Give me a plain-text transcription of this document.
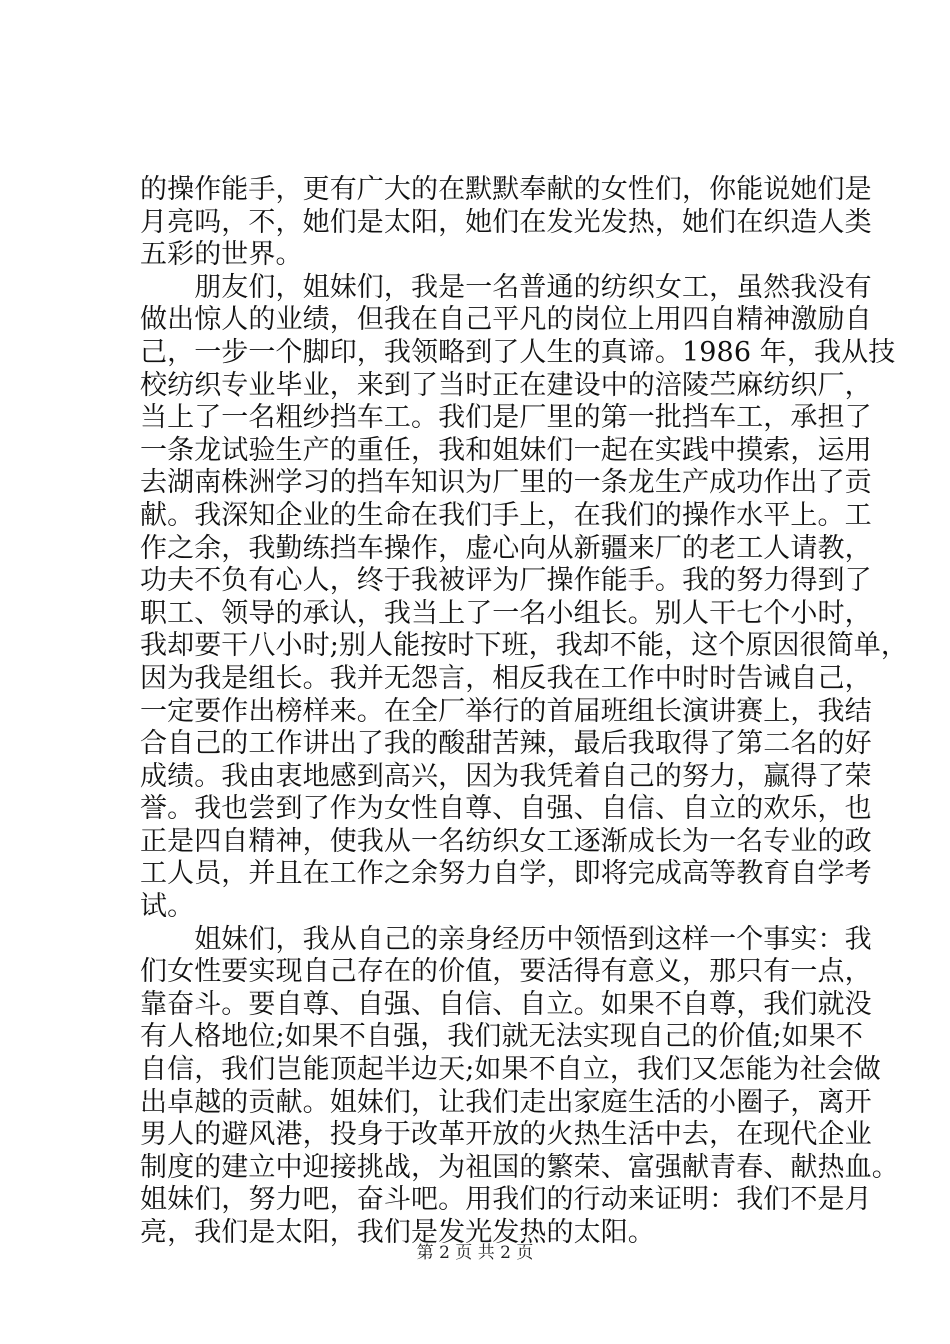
的操作能手，更有广大的在默默奉献的女性们，你能说她们是
月亮吗，不，她们是太阳，她们在发光发热，她们在织造人类
五彩的世界。
　　朋友们，姐妹们，我是一名普通的纺织女工，虽然我没有
做出惊人的业绩，但我在自己平凡的岗位上用四自精神激励自
己，一步一个脚印，我领略到了人生的真谛。1986 年，我从技
校纺织专业毕业，来到了当时正在建设中的涪陵苎麻纺织厂，
当上了一名粗纱挡车工。我们是厂里的第一批挡车工，承担了
一条龙试验生产的重任，我和姐妹们一起在实践中摸索，运用
去湖南株洲学习的挡车知识为厂里的一条龙生产成功作出了贡
献。我深知企业的生命在我们手上，在我们的操作水平上。工
作之余，我勤练挡车操作，虚心向从新疆来厂的老工人请教，
功夫不负有心人，终于我被评为厂操作能手。我的努力得到了
职工、领导的承认，我当上了一名小组长。别人干七个小时，
我却要干八小时;别人能按时下班，我却不能，这个原因很简单，
因为我是组长。我并无怨言，相反我在工作中时时告诫自己，
一定要作出榜样来。在全厂举行的首届班组长演讲赛上，我结
合自己的工作讲出了我的酸甜苦辣，最后我取得了第二名的好
成绩。我由衷地感到高兴，因为我凭着自己的努力，赢得了荣
誉。我也尝到了作为女性自尊、自强、自信、自立的欢乐，也
正是四自精神，使我从一名纺织女工逐渐成长为一名专业的政
工人员，并且在工作之余努力自学，即将完成高等教育自学考
试。
　　姐妹们，我从自己的亲身经历中领悟到这样一个事实：我
们女性要实现自己存在的价值，要活得有意义，那只有一点，
靠奋斗。要自尊、自强、自信、自立。如果不自尊，我们就没
有人格地位;如果不自强，我们就无法实现自己的价值;如果不
自信，我们岂能顶起半边天;如果不自立，我们又怎能为社会做
出卓越的贡献。姐妹们，让我们走出家庭生活的小圈子，离开
男人的避风港，投身于改革开放的火热生活中去，在现代企业
制度的建立中迎接挑战，为祖国的繁荣、富强献青春、献热血。
姐妹们，努力吧，奋斗吧。用我们的行动来证明：我们不是月
亮，我们是太阳，我们是发光发热的太阳。
第 2 页 共 2 页
